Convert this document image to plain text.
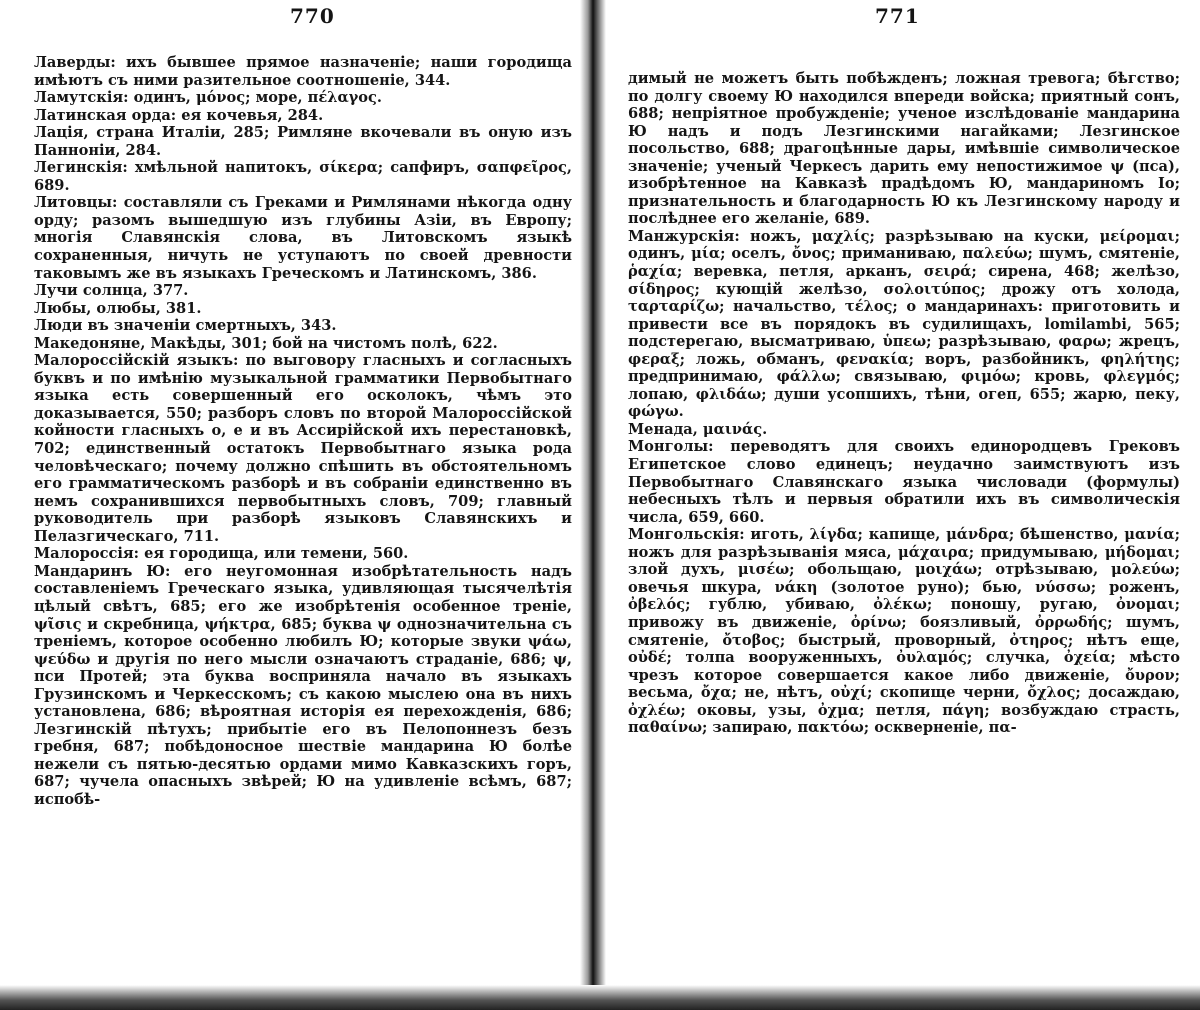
770

Лаверды: ихъ бывшее прямое назначеніе; наши городища имѣютъ съ ними разительное соотношеніе, 344.

Ламутскія: одинъ, μόνος; море, πέλαγος.

Латинская орда: ея кочевья, 284.

Лація, страна Италіи, 285; Римляне вкочевали въ оную изъ Паннонiи, 284.

Легинскія: хмѣльной напитокъ, σίκερα; сапфиръ, σαπφεῖρος, 689.

Литовцы: составляли съ Греками и Римлянами нѣкогда одну орду; разомъ вышедшую изъ глубины Азіи, въ Европу; многія Славянскія слова, въ Литовскомъ языкѣ сохраненныя, ничуть не уступаютъ по своей древности таковымъ же въ языкахъ Греческомъ и Латинскомъ, 386.

Лучи солнца, 377.

Любы, олюбы, 381.

Люди въ значеніи смертныхъ, 343.

Македоняне, Макѣды, 301; бой на чистомъ полѣ, 622.

Малороссійскій языкъ: по выговору гласныхъ и согласныхъ буквъ и по имѣнію музыкальной грамматики Первобытнаго языка есть совершенный его осколокъ, чѣмъ это доказывается, 550; разборъ словъ по второй Малороссійской койности гласныхъ о, е и въ Ассирійской ихъ перестановкѣ, 702; единственный остатокъ Первобытнаго языка рода человѣческаго; почему должно спѣшить въ обстоятельномъ его грамматическомъ разборѣ и въ собраніи единственно въ немъ сохранившихся первобытныхъ словъ, 709; главный руководитель при разборѣ языковъ Славянскихъ и Пелазгическаго, 711.

Малороссія: ея городища, или темени, 560.

Мандаринъ Ю: его неугомонная изобрѣтательность надъ составленіемъ Греческаго языка, удивляющая тысячелѣтія цѣлый свѣтъ, 685; его же изобрѣтенія особенное треніе, ψῖσις и скребница, ψήκτρα, 685; буква ψ однозначительна съ треніемъ, которое особенно любилъ Ю; которые звуки ψάω, ψεύδω и другія по него мысли означаютъ страданіе, 686; ψ, пси Протей; эта буква восприняла начало въ языкахъ Грузинскомъ и Черкесскомъ; съ какою мыслею она въ нихъ установлена, 686; вѣроятная исторія ея перехожденія, 686; Лезгинскій пѣтухъ; прибытіе его въ Пелопоннезъ безъ гребня, 687; побѣдоносное шествіе мандарина Ю болѣе нежели съ пятью-десятью ордами мимо Кавказскихъ горъ, 687; чучела опасныхъ звѣрей; Ю на удивленіе всѣмъ, 687; испобѣ-

771

димый не можетъ быть побѣжденъ; ложная тревога; бѣгство; по долгу своему Ю находился впереди войска; приятный сонъ, 688; непріятное пробужденіе; ученое изслѣдованіе мандарина Ю надъ и подъ Лезгинскими нагайками; Лезгинское посольство, 688; драгоцѣнные дары, имѣвшіе символическое значеніе; ученый Черкесъ дарить ему непостижимое ψ (пса), изобрѣтенное на Кавказѣ прадѣдомъ Ю, мандариномъ Іо; признательность и благодарность Ю къ Лезгинскому народу и послѣднее его желаніе, 689.

Манжурскія: ножъ, μαχλίς; разрѣзываю на куски, μείρομαι; одинъ, μία; оселъ, ὄνος; приманиваю, παλεύω; шумъ, смятеніе, ῥαχία; веревка, петля, арканъ, σειρά; сирена, 468; желѣзо, σίδηρος; кующій желѣзо, σολοιτύπος; дрожу отъ холода, ταρταρίζω; начальство, τέλος; о мандаринахъ: приготовить и привести все въ порядокъ въ судилищахъ, lomilambi, 565; подстерегаю, высматриваю, ὑπεω; разрѣзываю, φαρω; жрецъ, φεραξ; ложь, обманъ, φενακία; воръ, разбойникъ, φηλήτης; предпринимаю, φάλλω; связываю, φιμόω; кровь, φλεγμός; лопаю, φλιδάω; души усопшихъ, тѣни, огеп, 655; жарю, пеку, φώγω.

Менада, μαινάς.

Монголы: переводятъ для своихъ единородцевъ Грековъ Египетское слово единецъ; неудачно заимствуютъ изъ Первобытнаго Славянскаго языка числовади (формулы) небесныхъ тѣлъ и первыя обратили ихъ въ символическія числа, 659, 660.

Монгольскія: иготь, λίγδα; капище, μάνδρα; бѣшенство, μανία; ножъ для разрѣзыванія мяса, μάχαιρα; придумываю, μήδομαι; злой духъ, μισέω; обольщаю, μοιχάω; отрѣзываю, μολεύω; овечья шкура, νάκη (золотое руно); бью, νύσσω; роженъ, ὀβελός; гублю, убиваю, ὀλέκω; поношу, ругаю, ὀνομαι; привожу въ движеніе, ὀρίνω; боязливый, ὀρρωδής; шумъ, смятеніе, ὄτοβος; быстрый, проворный, ὀτηρος; нѣтъ еще, οὐδέ; толпа вооруженныхъ, ὀυλαμός; случка, ὀχεία; мѣсто чрезъ которое совершается какое либо движеніе, ὄυρον; весьма, ὄχα; не, нѣтъ, οὐχί; скопище черни, ὄχλος; досаждаю, ὀχλέω; оковы, узы, ὀχμα; петля, πάγη; возбуждаю страсть, παθαίνω; запираю, πακτόω; оскверненіе, πα-
